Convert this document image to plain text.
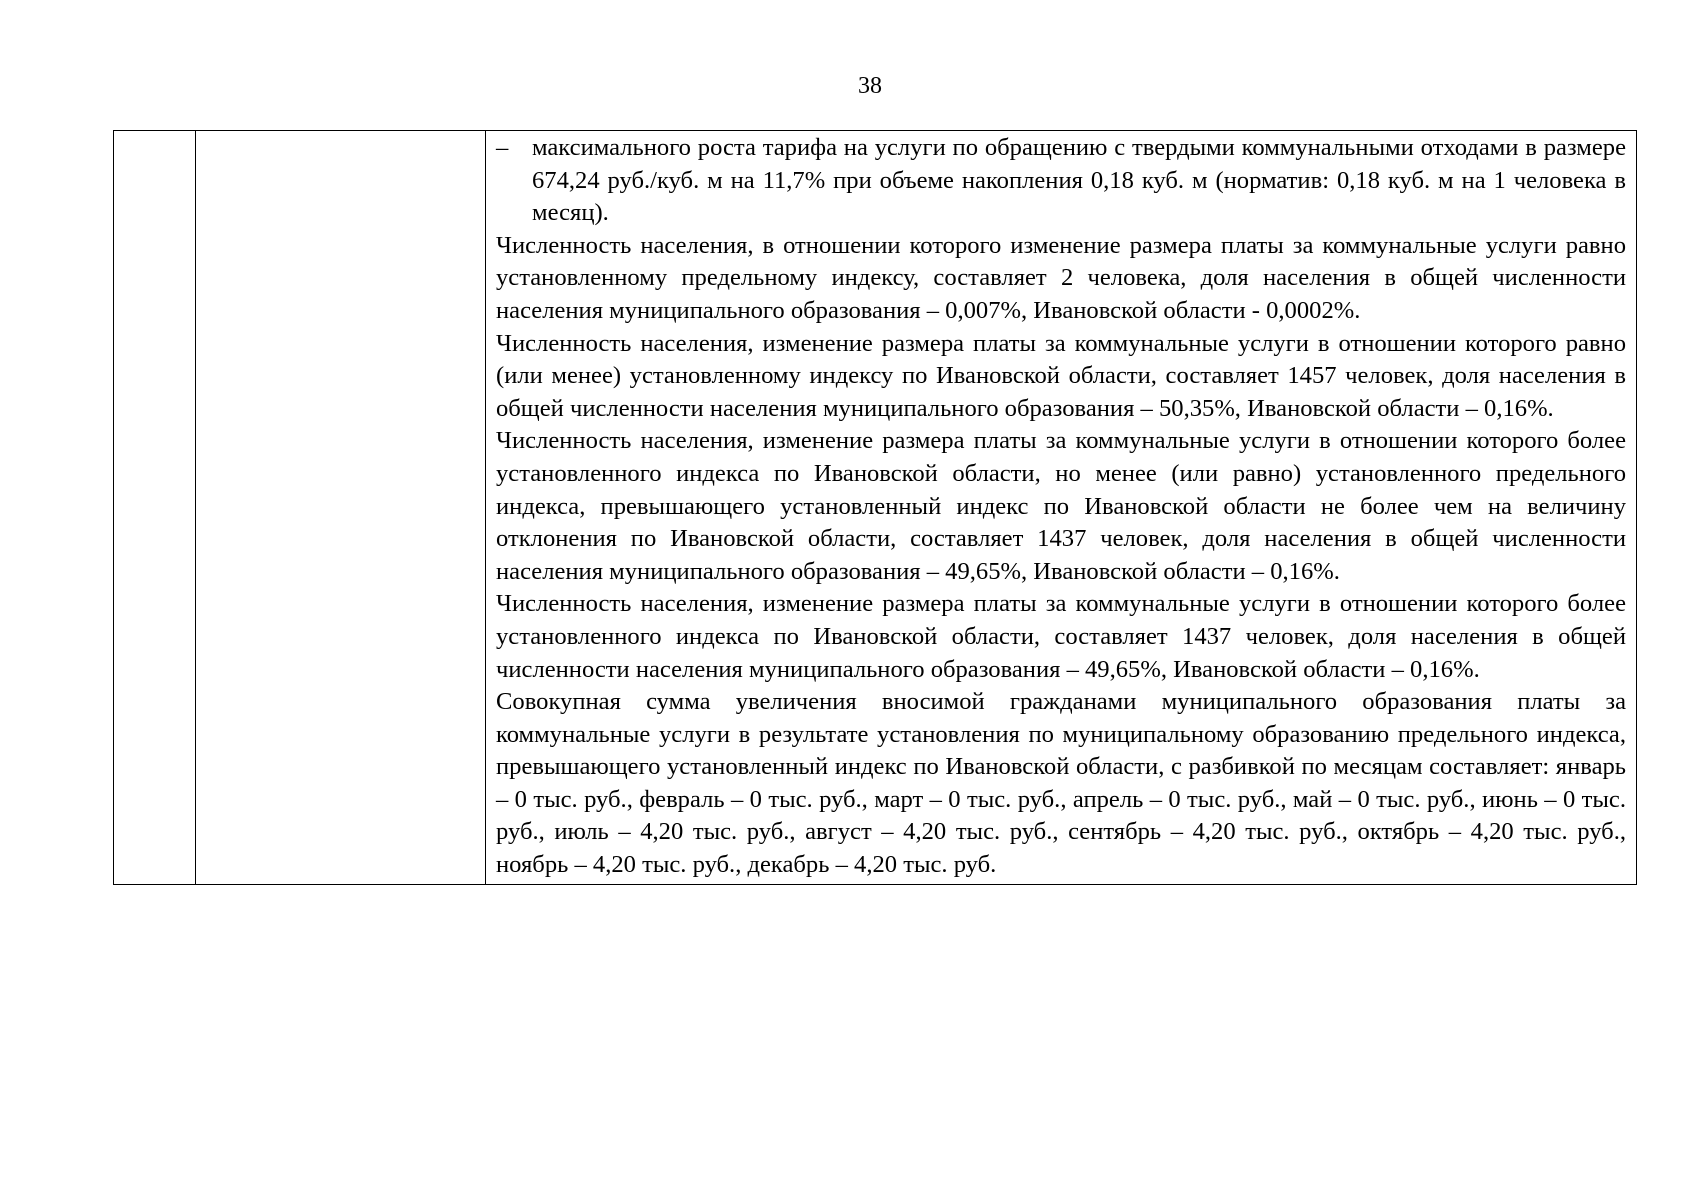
38

– максимального роста тарифа на услуги по обращению с твердыми коммунальными отходами в размере 674,24 руб./куб. м на 11,7% при объеме накопления 0,18 куб. м (норматив: 0,18 куб. м на 1 человека в месяц).

Численность населения, в отношении которого изменение размера платы за коммунальные услуги равно установленному предельному индексу, составляет 2 человека, доля населения в общей численности населения муниципального образования – 0,007%, Ивановской области - 0,0002%.

Численность населения, изменение размера платы за коммунальные услуги в отношении которого равно (или менее) установленному индексу по Ивановской области, составляет 1457 человек, доля населения в общей численности населения муниципального образования – 50,35%, Ивановской области – 0,16%.

Численность населения, изменение размера платы за коммунальные услуги в отношении которого более установленного индекса по Ивановской области, но менее (или равно) установленного предельного индекса, превышающего установленный индекс по Ивановской области не более чем на величину отклонения по Ивановской области, составляет 1437 человек, доля населения в общей численности населения муниципального образования – 49,65%, Ивановской области – 0,16%.

Численность населения, изменение размера платы за коммунальные услуги в отношении которого более установленного индекса по Ивановской области, составляет 1437 человек, доля населения в общей численности населения муниципального образования – 49,65%, Ивановской области – 0,16%.

Совокупная сумма увеличения вносимой гражданами муниципального образования платы за коммунальные услуги в результате установления по муниципальному образованию предельного индекса, превышающего установленный индекс по Ивановской области, с разбивкой по месяцам составляет: январь – 0 тыс. руб., февраль – 0 тыс. руб., март – 0 тыс. руб., апрель – 0 тыс. руб., май – 0 тыс. руб., июнь – 0 тыс. руб., июль – 4,20 тыс. руб., август – 4,20 тыс. руб., сентябрь – 4,20 тыс. руб., октябрь – 4,20 тыс. руб., ноябрь – 4,20 тыс. руб., декабрь – 4,20 тыс. руб.
